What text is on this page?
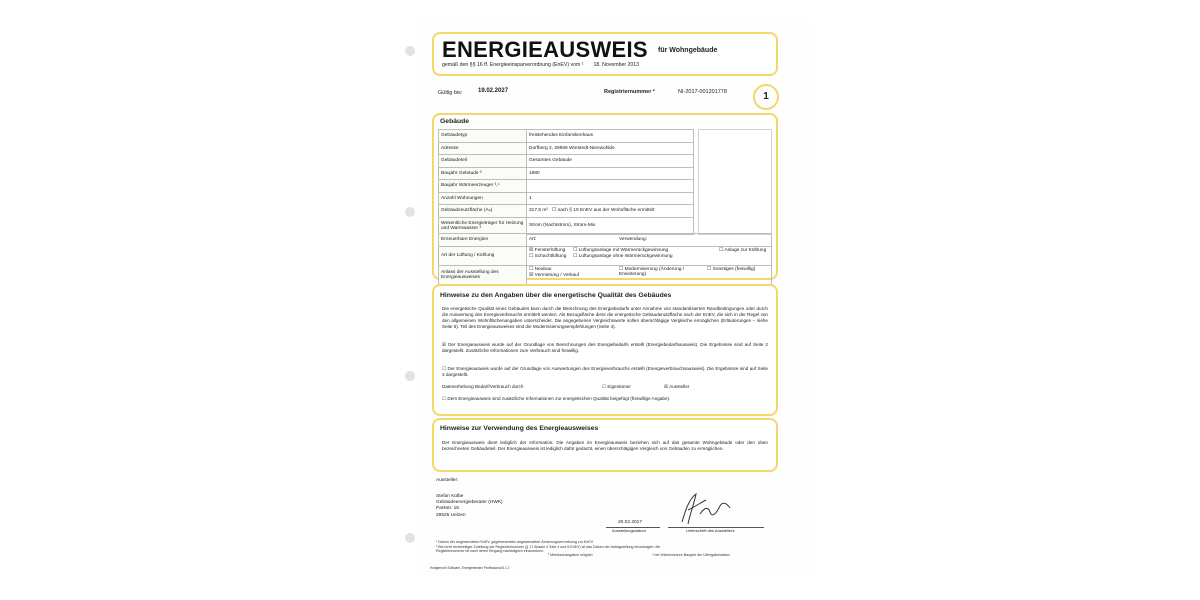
ENERGIEAUSWEIS für Wohngebäude
gemäß den §§ 16 ff. Energieeinsparverordnung (EnEV) vom ¹ 18. November 2013
Gültig bis:	19.02.2027	Registriernummer ²	NI-2017-001201778	1
Gebäude
Gebäudetyp	freistehendes Einfamilienhaus
Adresse	Dorfberg 2, 29559 Wrestedt-Nienwohlde
Gebäudeteil	Gesamtes Gebäude
Baujahr Gebäude ³	1880
Baujahr Wärmeerzeuger ³,⁴	
Anzahl Wohnungen	1
Gebäudenutzfläche (Aₙ)	317,6 m² ☐ nach § 19 EnEV aus der Wohnfläche ermittelt
Wesentliche Energieträger für Heizung und Warmwasser ³	Strom (Nachtstrom), Strom-Mix
Erneuerbare Energien	Art:	Verwendung:
Art der Lüftung / Kühlung	☒ Fensterlüftung ☐ Lüftungsanlage mit Wärmerückgewinnung ☐ Anlage zur Kühlung
☐ Schachtlüftung ☐ Lüftungsanlage ohne Wärmerückgewinnung	

Anlass der Ausstellung des Energieausweises	☐ Neubau
☒ Vermietung / Verkauf
☐ Modernisierung (Änderung / Erweiterung)
☐ Sonstiges (freiwillig)	
Hinweise zu den Angaben über die energetische Qualität des Gebäudes
Die energetische Qualität eines Gebäudes kann durch die Berechnung des Energiebedarfs unter Annahme von standardisierten Randbedingungen oder durch die Auswertung des Energieverbrauchs ermittelt werden. Als Bezugsfläche dient die energetische Gebäudenutzfläche nach der EnEV, die sich in der Regel von den allgemeinen Wohnflächenangaben unterscheidet. Die angegebenen Vergleichswerte sollen überschlägige Vergleiche ermöglichen (Erläuterungen – siehe Seite 5). Teil des Energieausweises sind die Modernisierungsempfehlungen (Seite 4).
☒ Der Energieausweis wurde auf der Grundlage von Berechnungen des Energiebedarfs erstellt (Energiebedarfsausweis). Die Ergebnisse sind auf Seite 2 dargestellt. Zusätzliche Informationen zum Verbrauch sind freiwillig.
☐ Der Energieausweis wurde auf der Grundlage von Auswertungen des Energieverbrauchs erstellt (Energieverbrauchsausweis). Die Ergebnisse sind auf Seite 3 dargestellt.
Datenerhebung Bedarf/Verbrauch durch	☐ Eigentümer	☒ Aussteller
☐ Dem Energieausweis sind zusätzliche Informationen zur energetischen Qualität beigefügt (freiwillige Angabe).
Hinweise zur Verwendung des Energieausweises
Der Energieausweis dient lediglich der Information. Die Angaben im Energieausweis beziehen sich auf das gesamte Wohngebäude oder den oben bezeichneten Gebäudeteil. Der Energieausweis ist lediglich dafür gedacht, einen überschlägigen Vergleich von Gebäuden zu ermöglichen.
Aussteller:
Stefan Kolbe
Gebäudeenergieberater (HWK)
Parkstr. 18
29525 Uelzen
20.02.2017
Ausstellungsdatum	Unterschrift des Ausstellers
¹ Datum der angewendeten EnEV, gegebenenfalls angewendeten Änderungsverordnung zur EnEV
² Bei nicht rechtzeitiger Zuteilung der Registriernummer (§ 17 Absatz 4 Satz 4 und 5 EnEV) ist das Datum der Antragstellung einzutragen; die Registriernummer ist nach deren Eingang nachträglich einzusetzen.
³ Mehrfachangaben möglich	⁴ bei Wärmenetzen Baujahr der Übergabestation
Hottgenroth Software, Energieberater Professional 8.1.1
